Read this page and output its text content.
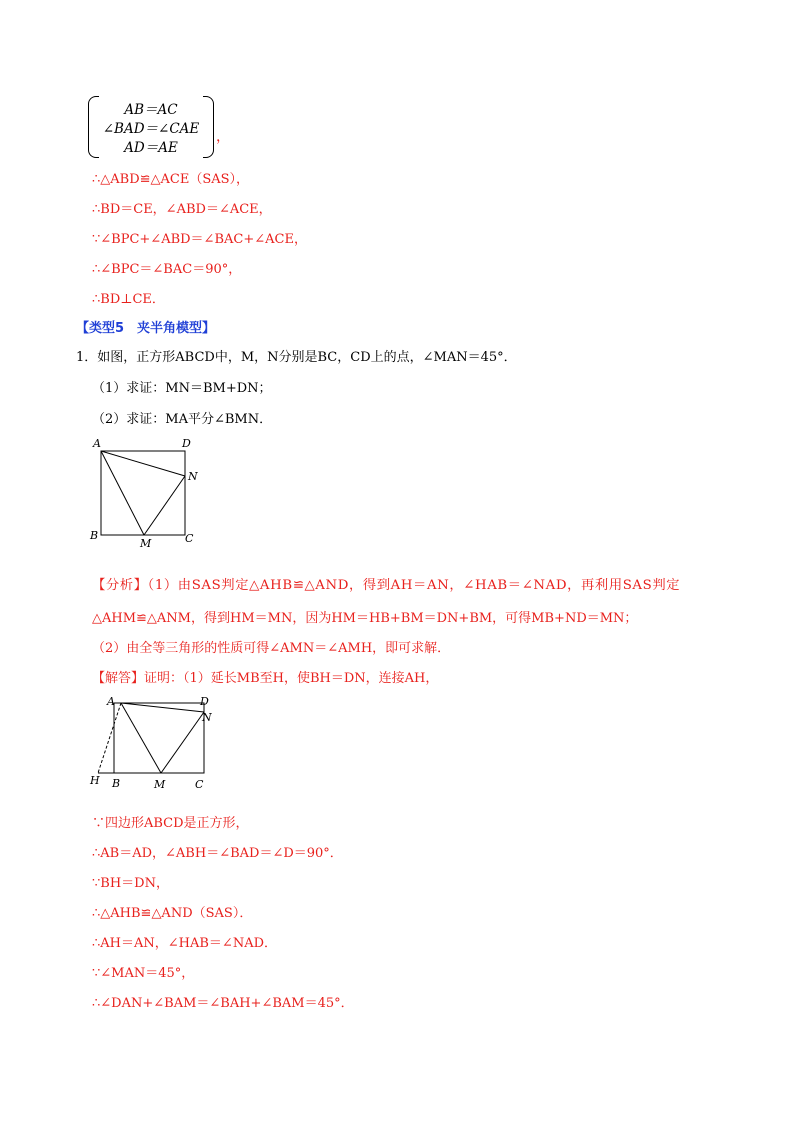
AB＝AC
∠BAD＝∠CAE
AD＝AE
，
∴△ABD≌△ACE（SAS），
∴BD＝CE，∠ABD＝∠ACE，
∵∠BPC+∠ABD＝∠BAC+∠ACE，
∴∠BPC＝∠BAC＝90°，
∴BD⊥CE．
【类型5　夹半角模型】
1．如图，正方形ABCD中，M，N分别是BC，CD上的点，∠MAN＝45°．
（1）求证：MN＝BM+DN；
（2）求证：MA平分∠BMN．
A	D
N
B
M	C
【分析】（1）由SAS判定△AHB≌△AND，得到AH＝AN，∠HAB＝∠NAD，再利用SAS判定
△AHM≌△ANM，得到HM＝MN，因为HM＝HB+BM＝DN+BM，可得MB+ND＝MN；
（2）由全等三角形的性质可得∠AMN＝∠AMH，即可求解．
【解答】证明：（1）延长MB至H，使BH＝DN，连接AH，
A	D
N
H B	M	C
∵四边形ABCD是正方形，
∴AB＝AD，∠ABH＝∠BAD＝∠D＝90°．
∵BH＝DN，
∴△AHB≌△AND（SAS）．
∴AH＝AN，∠HAB＝∠NAD．
∵∠MAN＝45°，
∴∠DAN+∠BAM＝∠BAH+∠BAM＝45°．
